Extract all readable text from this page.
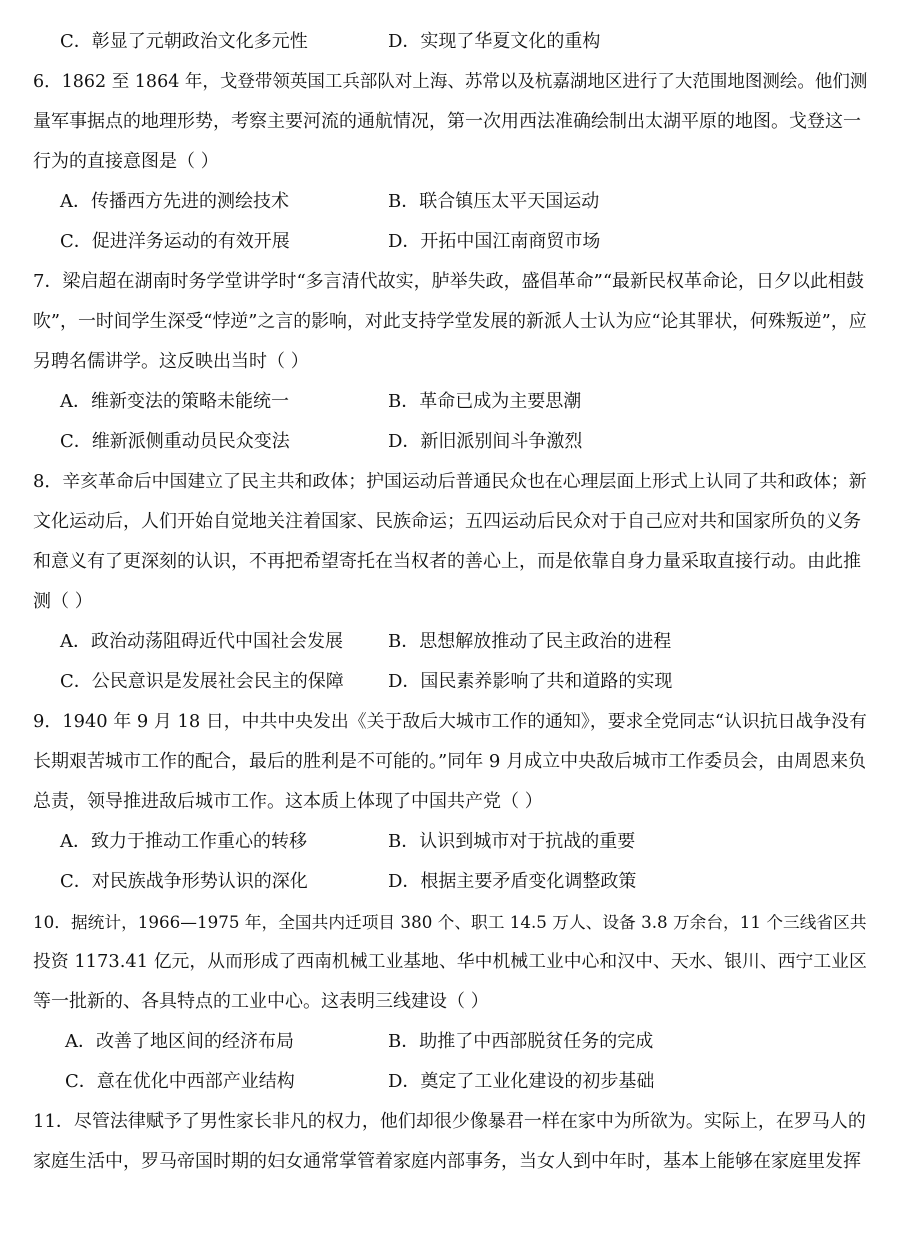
C．彰显了元朝政治文化多元性	D．实现了华夏文化的重构
6．1862 至 1864 年，戈登带领英国工兵部队对上海、苏常以及杭嘉湖地区进行了大范围地图测绘。他们测
量军事据点的地理形势，考察主要河流的通航情况，第一次用西法准确绘制出太湖平原的地图。戈登这一
行为的直接意图是（ ）
A．传播西方先进的测绘技术	B．联合镇压太平天国运动
C．促进洋务运动的有效开展	D．开拓中国江南商贸市场
7．梁启超在湖南时务学堂讲学时“多言清代故实，胪举失政，盛倡革命”“最新民权革命论，日夕以此相鼓
吹”，一时间学生深受“悖逆”之言的影响，对此支持学堂发展的新派人士认为应“论其罪状，何殊叛逆”，应
另聘名儒讲学。这反映出当时（ ）
A．维新变法的策略未能统一	B．革命已成为主要思潮
C．维新派侧重动员民众变法	D．新旧派别间斗争激烈
8．辛亥革命后中国建立了民主共和政体；护国运动后普通民众也在心理层面上形式上认同了共和政体；新
文化运动后，人们开始自觉地关注着国家、民族命运；五四运动后民众对于自己应对共和国家所负的义务
和意义有了更深刻的认识，不再把希望寄托在当权者的善心上，而是依靠自身力量采取直接行动。由此推
测（ ）
A．政治动荡阻碍近代中国社会发展	B．思想解放推动了民主政治的进程
C．公民意识是发展社会民主的保障 D．国民素养影响了共和道路的实现
9．1940 年 9 月 18 日，中共中央发出《关于敌后大城市工作的通知》，要求全党同志“认识抗日战争没有
长期艰苦城市工作的配合，最后的胜利是不可能的。”同年 9 月成立中央敌后城市工作委员会，由周恩来负
总责，领导推进敌后城市工作。这本质上体现了中国共产党（ ）
A．致力于推动工作重心的转移	B．认识到城市对于抗战的重要
C．对民族战争形势认识的深化	D．根据主要矛盾变化调整政策
10．据统计，1966—1975 年，全国共内迁项目 380 个、职工 14.5 万人、设备 3.8 万余台，11 个三线省区共
投资 1173.41 亿元，从而形成了西南机械工业基地、华中机械工业中心和汉中、天水、银川、西宁工业区
等一批新的、各具特点的工业中心。这表明三线建设（ ）
A．改善了地区间的经济布局	B．助推了中西部脱贫任务的完成
C．意在优化中西部产业结构	D．奠定了工业化建设的初步基础
11．尽管法律赋予了男性家长非凡的权力，他们却很少像暴君一样在家中为所欲为。实际上，在罗马人的
家庭生活中，罗马帝国时期的妇女通常掌管着家庭内部事务，当女人到中年时，基本上能够在家庭里发挥
